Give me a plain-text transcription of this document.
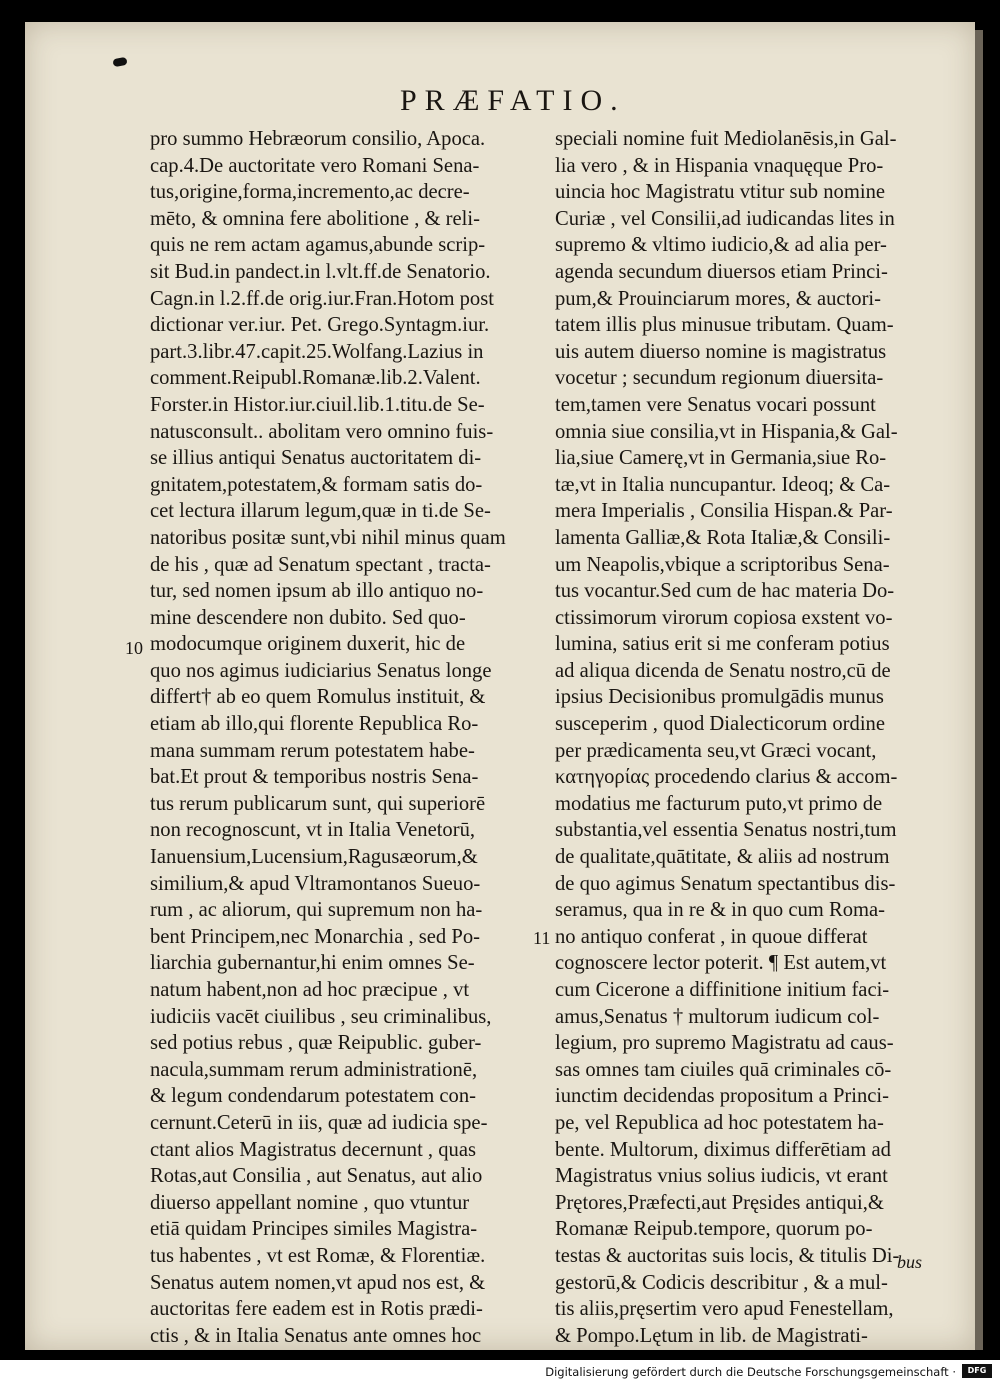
PRÆFATIO.
pro summo Hebræorum consilio, Apoca.
cap.4.De auctoritate vero Romani Sena-
tus,origine,forma,incremento,ac decre-
mēto, & omnina fere abolitione , & reli-
quis ne rem actam agamus,abunde scrip-
sit Bud.in pandect.in l.vlt.ff.de Senatorio.
Cagn.in l.2.ff.de orig.iur.Fran.Hotom post
dictionar ver.iur. Pet. Grego.Syntagm.iur.
part.3.libr.47.capit.25.Wolfang.Lazius in
comment.Reipubl.Romanæ.lib.2.Valent.
Forster.in Histor.iur.ciuil.lib.1.titu.de Se-
natusconsult.. abolitam vero omnino fuis-
se illius antiqui Senatus auctoritatem di-
gnitatem,potestatem,& formam satis do-
cet lectura illarum legum,quæ in ti.de Se-
natoribus positæ sunt,vbi nihil minus quam
de his , quæ ad Senatum spectant , tracta-
tur, sed nomen ipsum ab illo antiquo no-
mine descendere non dubito. Sed quo-
modocumque originem duxerit, hic de
quo nos agimus iudiciarius Senatus longe
differt† ab eo quem Romulus instituit, &
etiam ab illo,qui florente Republica Ro-
mana summam rerum potestatem habe-
bat.Et prout & temporibus nostris Sena-
tus rerum publicarum sunt, qui superiorē
non recognoscunt, vt in Italia Venetorū,
Ianuensium,Lucensium,Ragusæorum,&
similium,& apud Vltramontanos Sueuo-
rum , ac aliorum, qui supremum non ha-
bent Principem,nec Monarchia , sed Po-
liarchia gubernantur,hi enim omnes Se-
natum habent,non ad hoc præcipue , vt
iudiciis vacēt ciuilibus , seu criminalibus,
sed potius rebus , quæ Reipublic. guber-
nacula,summam rerum administrationē,
& legum condendarum potestatem con-
cernunt.Ceterū in iis, quæ ad iudicia spe-
ctant alios Magistratus decernunt , quas
Rotas,aut Consilia , aut Senatus, aut alio
diuerso appellant nomine , quo vtuntur
etiā quidam Principes similes Magistra-
tus habentes , vt est Romæ, & Florentiæ.
Senatus autem nomen,vt apud nos est, &
auctoritas fere eadem est in Rotis prædi-
ctis , & in Italia Senatus ante omnes hoc
speciali nomine fuit Mediolanēsis,in Gal-
lia vero , & in Hispania vnaquęque Pro-
uincia hoc Magistratu vtitur sub nomine
Curiæ , vel Consilii,ad iudicandas lites in
supremo & vltimo iudicio,& ad alia per-
agenda secundum diuersos etiam Princi-
pum,& Prouinciarum mores, & auctori-
tatem illis plus minusue tributam. Quam-
uis autem diuerso nomine is magistratus
vocetur ; secundum regionum diuersita-
tem,tamen vere Senatus vocari possunt
omnia siue consilia,vt in Hispania,& Gal-
lia,siue Camerę,vt in Germania,siue Ro-
tæ,vt in Italia nuncupantur. Ideoq; & Ca-
mera Imperialis , Consilia Hispan.& Par-
lamenta Galliæ,& Rota Italiæ,& Consili-
um Neapolis,vbique a scriptoribus Sena-
tus vocantur.Sed cum de hac materia Do-
ctissimorum virorum copiosa exstent vo-
lumina, satius erit si me conferam potius
ad aliqua dicenda de Senatu nostro,cū de
ipsius Decisionibus promulgādis munus
susceperim , quod Dialecticorum ordine
per prædicamenta seu,vt Græci vocant,
κατηγορίας procedendo clarius & accom-
modatius me facturum puto,vt primo de
substantia,vel essentia Senatus nostri,tum
de qualitate,quātitate, & aliis ad nostrum
de quo agimus Senatum spectantibus dis-
seramus, qua in re & in quo cum Roma-
no antiquo conferat , in quoue differat
cognoscere lector poterit. ¶ Est autem,vt
cum Cicerone a diffinitione initium faci-
amus,Senatus † multorum iudicum col-
legium, pro supremo Magistratu ad caus-
sas omnes tam ciuiles quā criminales cō-
iunctim decidendas propositum a Princi-
pe, vel Republica ad hoc potestatem ha-
bente. Multorum, diximus differētiam ad
Magistratus vnius solius iudicis, vt erant
Prętores,Præfecti,aut Pręsides antiqui,&
Romanæ Reipub.tempore, quorum po-
testas & auctoritas suis locis, & titulis Di-
gestorū,& Codicis describitur , & a mul-
tis aliis,pręsertim vero apud Fenestellam,
& Pompo.Lętum in lib. de Magistrati-
10
11
bus
Digitalisierung gefördert durch die Deutsche Forschungsgemeinschaft ·	DFG
